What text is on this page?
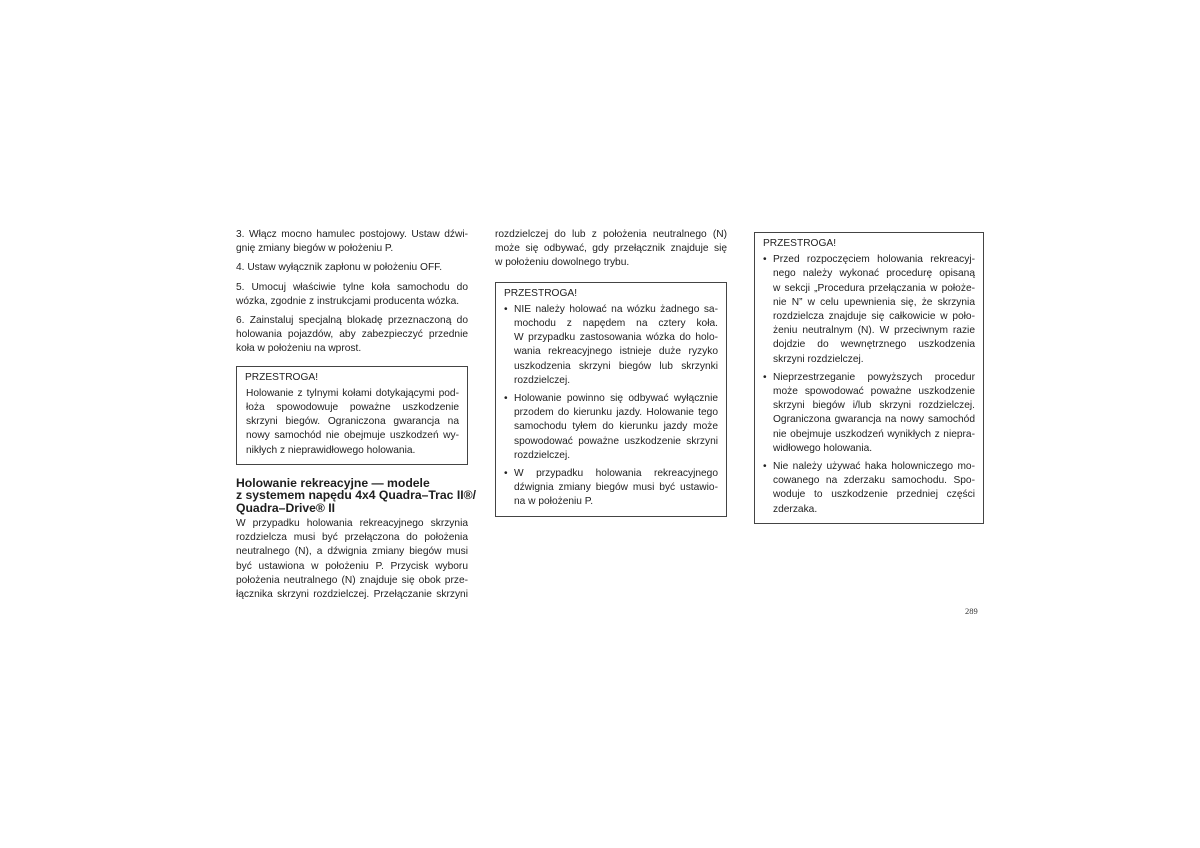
3. Włącz mocno hamulec postojowy. Ustaw dźwi-
gnię zmiany biegów w położeniu P.

4. Ustaw wyłącznik zapłonu w położeniu OFF.

5. Umocuj właściwie tylne koła samochodu do
wózka, zgodnie z instrukcjami producenta wózka.

6. Zainstaluj specjalną blokadę przeznaczoną do
holowania pojazdów, aby zabezpieczyć przednie
koła w położeniu na wprost.

PRZESTROGA!
Holowanie z tylnymi kołami dotykającymi pod-
łoża spowodowuje poważne uszkodzenie
skrzyni biegów. Ograniczona gwarancja na
nowy samochód nie obejmuje uszkodzeń wy-
nikłych z nieprawidłowego holowania.
Holowanie rekreacyjne — modele
z systemem napędu 4x4 Quadra–Trac II®/
Quadra–Drive® II

W przypadku holowania rekreacyjnego skrzynia
rozdzielcza musi być przełączona do położenia
neutralnego (N), a dźwignia zmiany biegów musi
być ustawiona w położeniu P. Przycisk wyboru
położenia neutralnego (N) znajduje się obok prze-
łącznika skrzyni rozdzielczej. Przełączanie skrzyni

rozdzielczej do lub z położenia neutralnego (N)
może się odbywać, gdy przełącznik znajduje się
w położeniu dowolnego trybu.

PRZESTROGA!
• NIE należy holować na wózku żadnego sa-
mochodu z napędem na cztery koła.
W przypadku zastosowania wózka do holo-
wania rekreacyjnego istnieje duże ryzyko
uszkodzenia skrzyni biegów lub skrzynki
rozdzielczej.
• Holowanie powinno się odbywać wyłącznie
przodem do kierunku jazdy. Holowanie tego
samochodu tyłem do kierunku jazdy może
spowodować poważne uszkodzenie skrzyni
rozdzielczej.
• W przypadku holowania rekreacyjnego
dźwignia zmiany biegów musi być ustawio-
na w położeniu P.
PRZESTROGA!
• Przed rozpoczęciem holowania rekreacyj-
nego należy wykonać procedurę opisaną
w sekcji „Procedura przełączania w położe-
nie N” w celu upewnienia się, że skrzynia
rozdzielcza znajduje się całkowicie w poło-
żeniu neutralnym (N). W przeciwnym razie
dojdzie do wewnętrznego uszkodzenia
skrzyni rozdzielczej.
• Nieprzestrzeganie powyższych procedur
może spowodować poważne uszkodzenie
skrzyni biegów i/lub skrzyni rozdzielczej.
Ograniczona gwarancja na nowy samochód
nie obejmuje uszkodzeń wynikłych z niepra-
widłowego holowania.
• Nie należy używać haka holowniczego mo-
cowanego na zderzaku samochodu. Spo-
woduje to uszkodzenie przedniej części
zderzaka.
289
